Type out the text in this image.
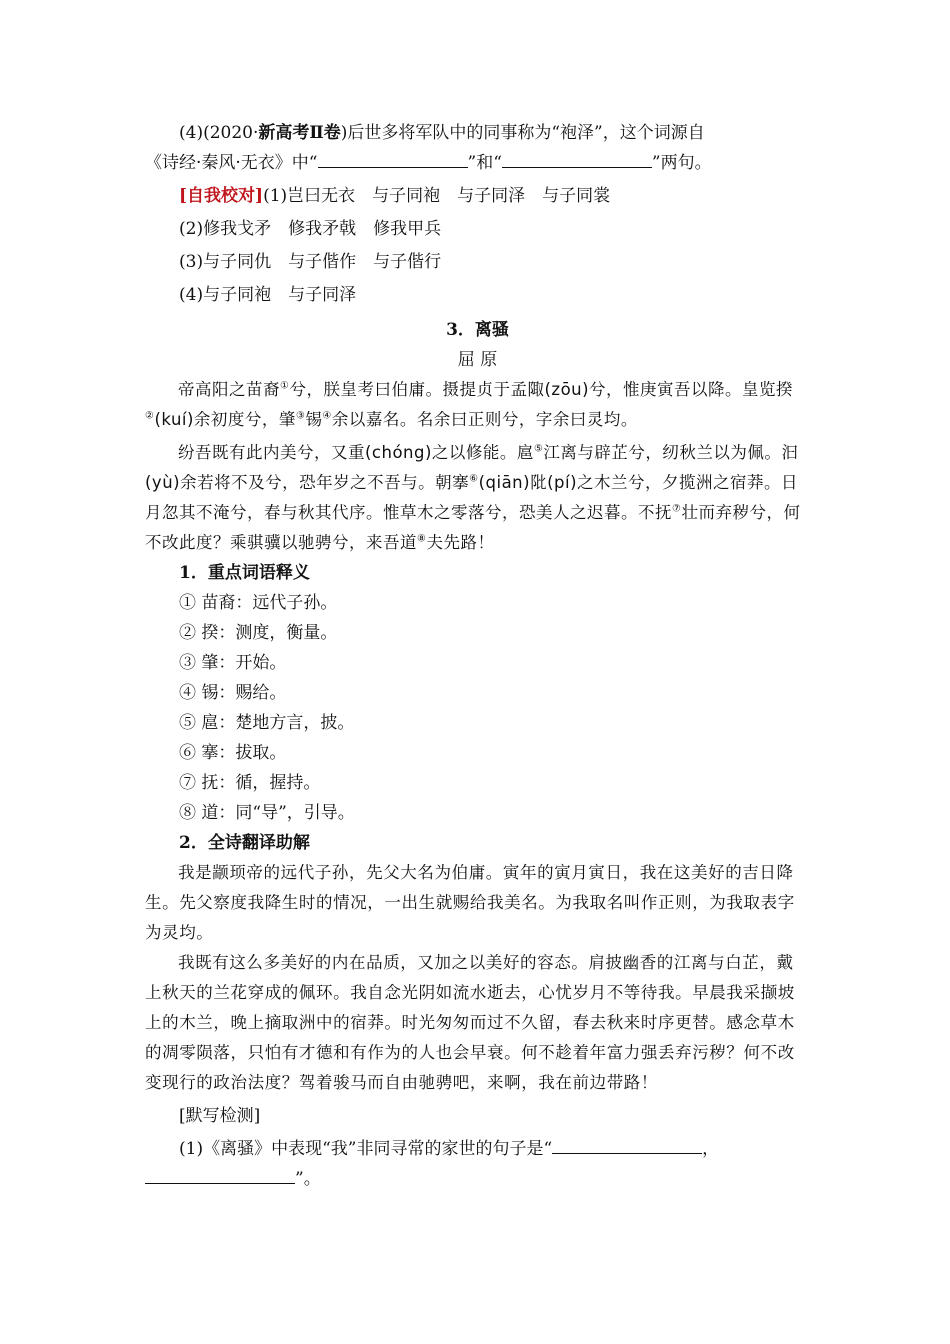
(4)(2020·新高考Ⅱ卷)后世多将军队中的同事称为“袍泽”，这个词源自

《诗经·秦风·无衣》中“	”和“	”两句。

[自我校对](1)岂曰无衣　与子同袍　与子同泽　与子同裳

(2)修我戈矛　修我矛戟　修我甲兵

(3)与子同仇　与子偕作　与子偕行

(4)与子同袍　与子同泽

3．离骚

屈 原

帝高阳之苗裔①兮，朕皇考曰伯庸。摄提贞于孟陬(zōu)兮，惟庚寅吾以降。皇览揆②(kuí)余初度兮，肇③锡④余以嘉名。名余曰正则兮，字余曰灵均。

纷吾既有此内美兮，又重(chóng)之以修能。扈⑤江离与辟芷兮，纫秋兰以为佩。汩(yù)余若将不及兮，恐年岁之不吾与。朝搴⑥(qiān)阰(pí)之木兰兮，夕揽洲之宿莽。日月忽其不淹兮，春与秋其代序。惟草木之零落兮，恐美人之迟暮。不抚⑦壮而弃秽兮，何不改此度？乘骐骥以驰骋兮，来吾道⑧夫先路！

1．重点词语释义

① 苗裔：远代子孙。

② 揆：测度，衡量。

③ 肇：开始。

④ 锡：赐给。

⑤ 扈：楚地方言，披。

⑥ 搴：拔取。

⑦ 抚：循，握持。

⑧ 道：同“导”，引导。

2．全诗翻译助解

我是颛顼帝的远代子孙，先父大名为伯庸。寅年的寅月寅日，我在这美好的吉日降生。先父察度我降生时的情况，一出生就赐给我美名。为我取名叫作正则，为我取表字为灵均。

我既有这么多美好的内在品质，又加之以美好的容态。肩披幽香的江离与白芷，戴上秋天的兰花穿成的佩环。我自念光阴如流水逝去，心忧岁月不等待我。早晨我采撷坡上的木兰，晚上摘取洲中的宿莽。时光匆匆而过不久留，春去秋来时序更替。感念草木的凋零陨落，只怕有才德和有作为的人也会早衰。何不趁着年富力强丢弃污秽？何不改变现行的政治法度？驾着骏马而自由驰骋吧，来啊，我在前边带路！

[默写检测]

(1)《离骚》中表现“我”非同寻常的家世的句子是“	，

”。
